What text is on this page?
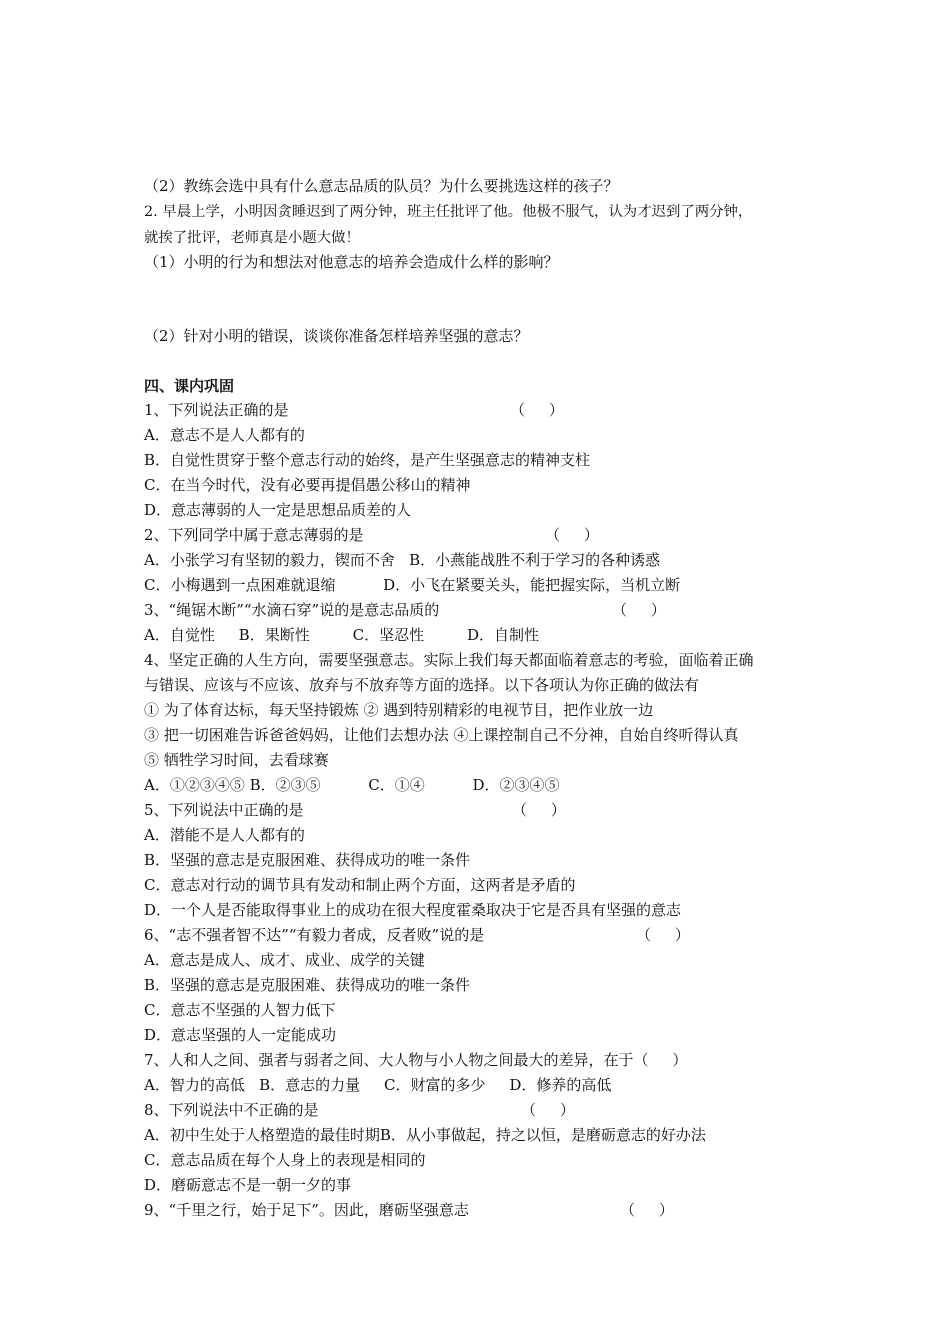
（2）教练会选中具有什么意志品质的队员？为什么要挑选这样的孩子？
2. 早晨上学，小明因贪睡迟到了两分钟，班主任批评了他。他极不服气，认为才迟到了两分钟，
就挨了批评，老师真是小题大做！
（1）小明的行为和想法对他意志的培养会造成什么样的影响？
（2）针对小明的错误，谈谈你准备怎样培养坚强的意志？
四、课内巩固
1、下列说法正确的是	（     ）
A．意志不是人人都有的
B．自觉性贯穿于整个意志行动的始终，是产生坚强意志的精神支柱
C．在当今时代，没有必要再提倡愚公移山的精神
D．意志薄弱的人一定是思想品质差的人
2、下列同学中属于意志薄弱的是	（     ）
A．小张学习有坚韧的毅力，锲而不舍   B．小燕能战胜不利于学习的各种诱惑
C．小梅遇到一点困难就退缩          D．小飞在紧要关头，能把握实际，当机立断
3、“绳锯木断”“水滴石穿”说的是意志品质的	（     ）
A．自觉性     B．果断性         C．坚忍性         D．自制性
4、坚定正确的人生方向，需要坚强意志。实际上我们每天都面临着意志的考验，面临着正确
与错误、应该与不应该、放弃与不放弃等方面的选择。以下各项认为你正确的做法有
① 为了体育达标，每天坚持锻炼 ② 遇到特别精彩的电视节目，把作业放一边
③ 把一切困难告诉爸爸妈妈，让他们去想办法 ④上课控制自己不分神，自始自终听得认真
⑤ 牺牲学习时间，去看球赛
A．①②③④⑤ B．②③⑤          C．①④          D．②③④⑤
5、下列说法中正确的是	（     ）
A．潜能不是人人都有的
B．坚强的意志是克服困难、获得成功的唯一条件
C．意志对行动的调节具有发动和制止两个方面，这两者是矛盾的
D．一个人是否能取得事业上的成功在很大程度霍桑取决于它是否具有坚强的意志
6、“志不强者智不达”“有毅力者成，反者败”说的是	（     ）
A．意志是成人、成才、成业、成学的关键
B．坚强的意志是克服困难、获得成功的唯一条件
C．意志不坚强的人智力低下
D．意志坚强的人一定能成功
7、人和人之间、强者与弱者之间、大人物与小人物之间最大的差异，在于（     ）
A．智力的高低   B．意志的力量     C．财富的多少     D．修养的高低
8、下列说法中不正确的是	（     ）
A．初中生处于人格塑造的最佳时期B．从小事做起，持之以恒，是磨砺意志的好办法
C．意志品质在每个人身上的表现是相同的
D．磨砺意志不是一朝一夕的事
9、“千里之行，始于足下”。因此，磨砺坚强意志	（     ）
